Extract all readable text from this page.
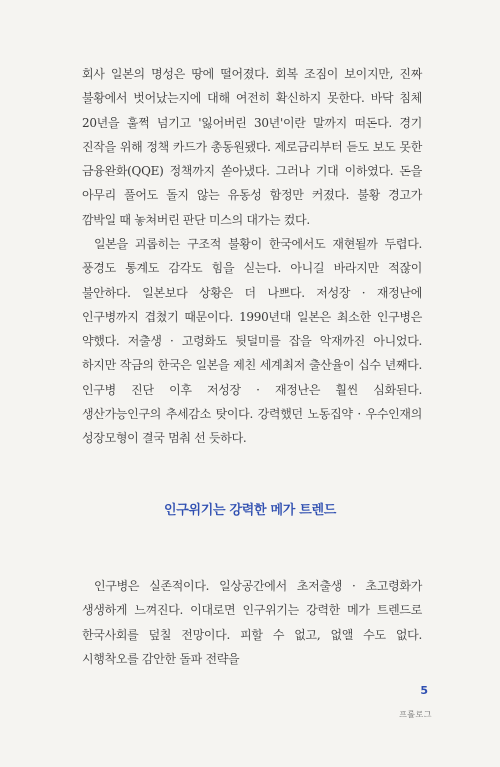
회사 일본의 명성은 땅에 떨어졌다. 회복 조짐이 보이지만, 진짜 불황에서 벗어났는지에 대해 여전히 확신하지 못한다. 바닥 침체 20년을 훌쩍 넘기고 '잃어버린 30년'이란 말까지 떠돈다. 경기 진작을 위해 정책 카드가 총동원됐다. 제로금리부터 듣도 보도 못한 금융완화(QQE) 정책까지 쏟아냈다. 그러나 기대 이하였다. 돈을 아무리 풀어도 돌지 않는 유동성 함정만 커졌다. 불황 경고가 깜박일 때 놓쳐버린 판단 미스의 대가는 컸다.

일본을 괴롭히는 구조적 불황이 한국에서도 재현될까 두렵다. 풍경도 통계도 감각도 힘을 싣는다. 아니길 바라지만 적잖이 불안하다. 일본보다 상황은 더 나쁘다. 저성장 · 재정난에 인구병까지 겹쳤기 때문이다. 1990년대 일본은 최소한 인구병은 약했다. 저출생 · 고령화도 뒷덜미를 잡을 악재까진 아니었다. 하지만 작금의 한국은 일본을 제친 세계최저 출산율이 십수 년째다. 인구병 진단 이후 저성장 · 재정난은 훨씬 심화된다. 생산가능인구의 추세감소 탓이다. 강력했던 노동집약 · 우수인재의 성장모형이 결국 멈춰 선 듯하다.

인구위기는 강력한 메가 트렌드

인구병은 실존적이다. 일상공간에서 초저출생 · 초고령화가 생생하게 느껴진다. 이대로면 인구위기는 강력한 메가 트렌드로 한국사회를 덮칠 전망이다. 피할 수 없고, 없앨 수도 없다. 시행착오를 감안한 돌파 전략을

5
프롤로그
